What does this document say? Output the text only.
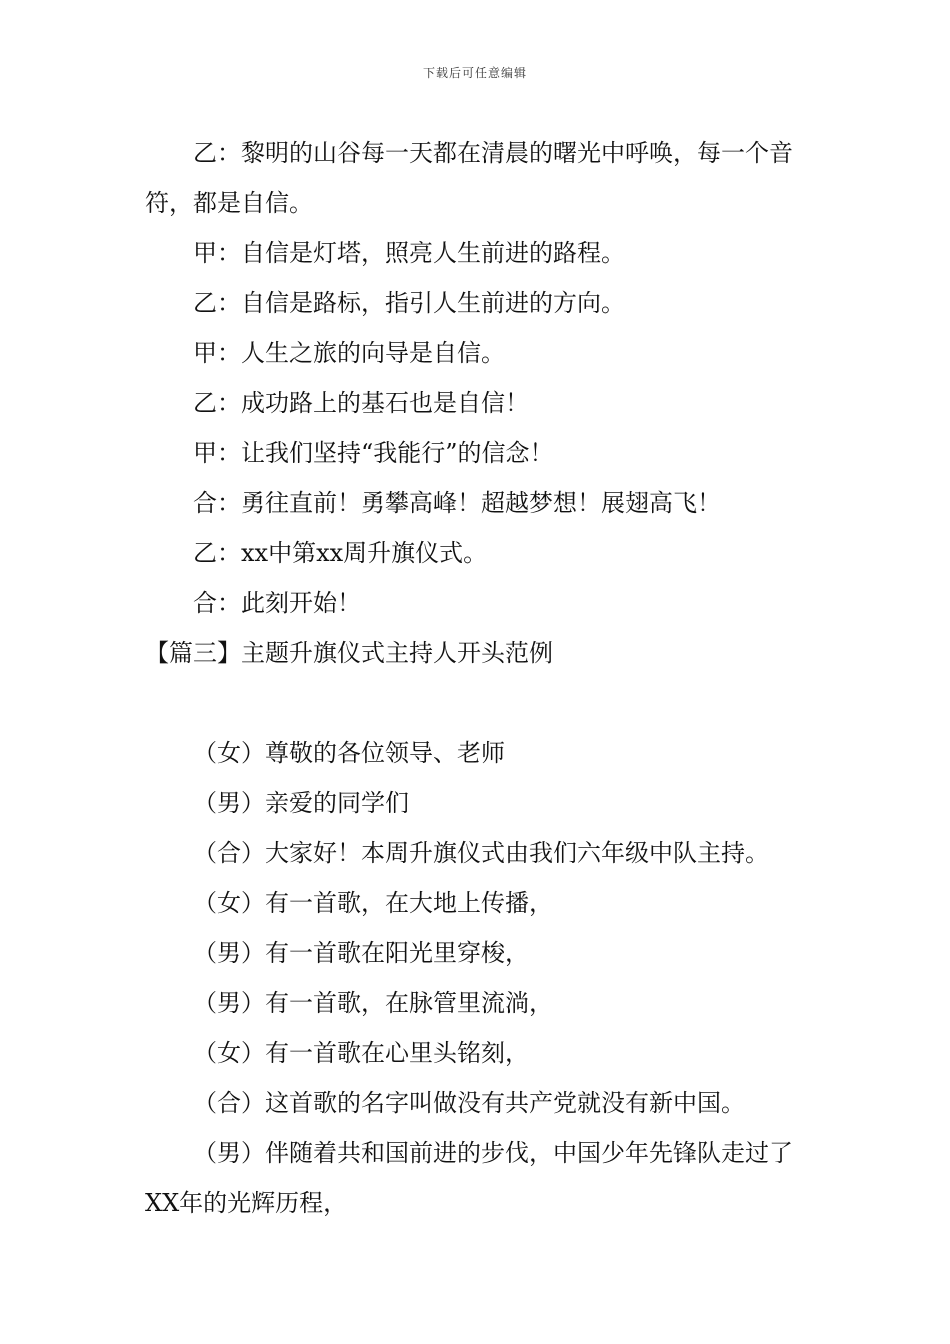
下载后可任意编辑

乙：黎明的山谷每一天都在清晨的曙光中呼唤，每一个音符，都是自信。

甲：自信是灯塔，照亮人生前进的路程。

乙：自信是路标，指引人生前进的方向。

甲：人生之旅的向导是自信。

乙：成功路上的基石也是自信！

甲：让我们坚持“我能行”的信念！

合：勇往直前！勇攀高峰！超越梦想！展翅高飞！

乙：xx中第xx周升旗仪式。

合：此刻开始！

【篇三】主题升旗仪式主持人开头范例

（女）尊敬的各位领导、老师

（男）亲爱的同学们

（合）大家好！本周升旗仪式由我们六年级中队主持。

（女）有一首歌，在大地上传播，

（男）有一首歌在阳光里穿梭，

（男）有一首歌，在脉管里流淌，

（女）有一首歌在心里头铭刻，

（合）这首歌的名字叫做没有共产党就没有新中国。

（男）伴随着共和国前进的步伐，中国少年先锋队走过了XX年的光辉历程，
